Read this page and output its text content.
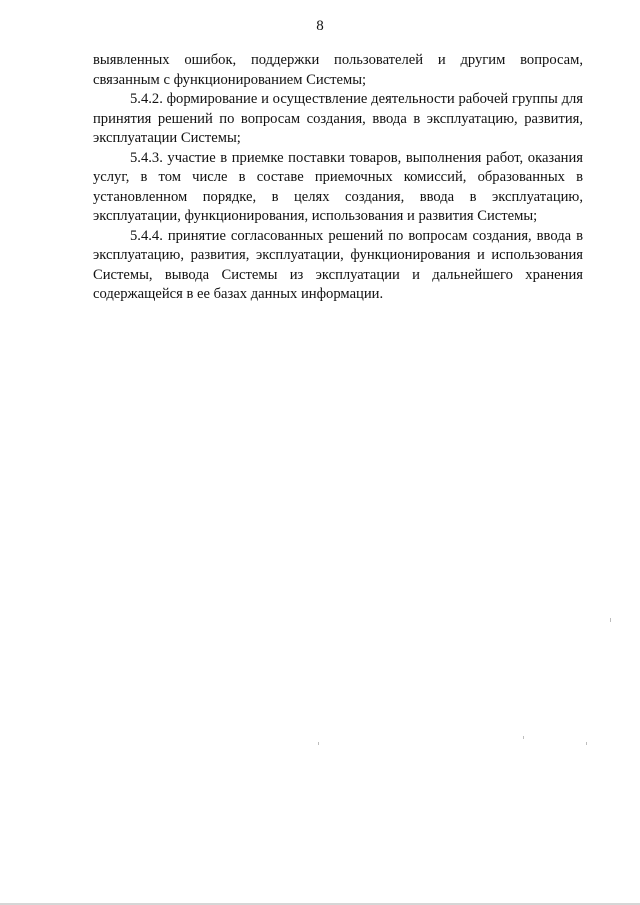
8

выявленных ошибок, поддержки пользователей и другим вопросам, связанным с функционированием Системы;

5.4.2. формирование и осуществление деятельности рабочей группы для принятия решений по вопросам создания, ввода в эксплуатацию, развития, эксплуатации Системы;

5.4.3. участие в приемке поставки товаров, выполнения работ, оказания услуг, в том числе в составе приемочных комиссий, образованных в установленном порядке, в целях создания, ввода в эксплуатацию, эксплуатации, функционирования, использования и развития Системы;

5.4.4. принятие согласованных решений по вопросам создания, ввода в эксплуатацию, развития, эксплуатации, функционирования и использования Системы, вывода Системы из эксплуатации и дальнейшего хранения содержащейся в ее базах данных информации.
